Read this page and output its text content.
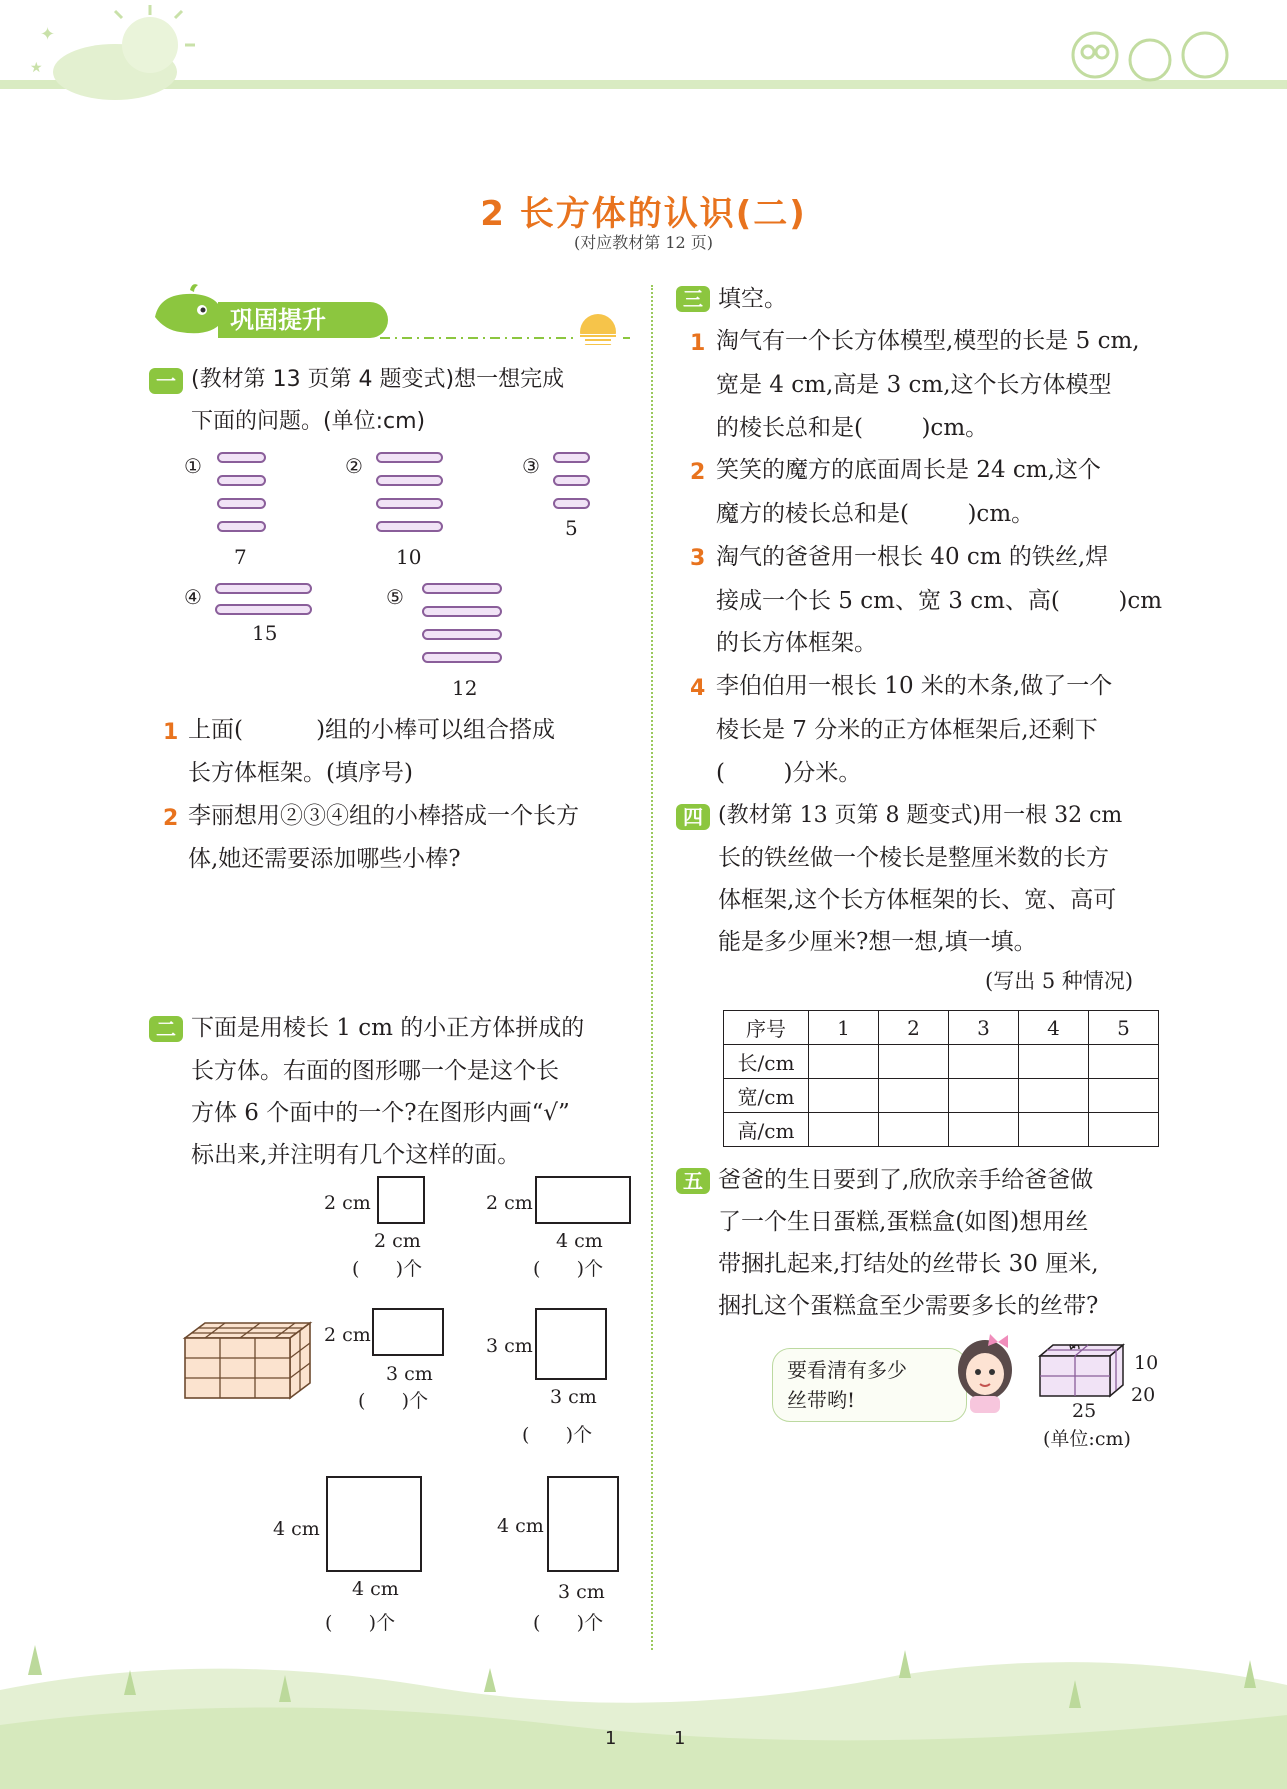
✦
★
2 长方体的认识(二)
(对应教材第 12 页)
巩固提升
一 (教材第 13 页第 4 题变式)想一想完成
下面的问题。(单位:cm)
①
7
②
10
③
5
④
15
⑤
12
1 上面(          )组的小棒可以组合搭成
长方体框架。(填序号)
2 李丽想用②③④组的小棒搭成一个长方
体,她还需要添加哪些小棒?
二 下面是用棱长 1 cm 的小正方体拼成的
长方体。右面的图形哪一个是这个长
方体 6 个面中的一个?在图形内画“√”
标出来,并注明有几个这样的面。
2 cm
2 cm
(      )个
2 cm
4 cm
(      )个
2 cm
3 cm
(      )个
3 cm
3 cm
(      )个
4 cm
4 cm
(      )个
4 cm
3 cm
(      )个
三 填空。
1 淘气有一个长方体模型,模型的长是 5 cm,
宽是 4 cm,高是 3 cm,这个长方体模型
的棱长总和是(        )cm。
2 笑笑的魔方的底面周长是 24 cm,这个
魔方的棱长总和是(        )cm。
3 淘气的爸爸用一根长 40 cm 的铁丝,焊
接成一个长 5 cm、宽 3 cm、高(        )cm
的长方体框架。
4 李伯伯用一根长 10 米的木条,做了一个
棱长是 7 分米的正方体框架后,还剩下
(        )分米。
四 (教材第 13 页第 8 题变式)用一根 32 cm
长的铁丝做一个棱长是整厘米数的长方
体框架,这个长方体框架的长、宽、高可
能是多少厘米?想一想,填一填。
(写出 5 种情况)
序号	1	2	3	4	5
长/cm					
宽/cm					
高/cm					
五 爸爸的生日要到了,欣欣亲手给爸爸做
了一个生日蛋糕,蛋糕盒(如图)想用丝
带捆扎起来,打结处的丝带长 30 厘米,
捆扎这个蛋糕盒至少需要多长的丝带?
要看清有多少
丝带哟!
10
20
25
(单位:cm)
1	1
